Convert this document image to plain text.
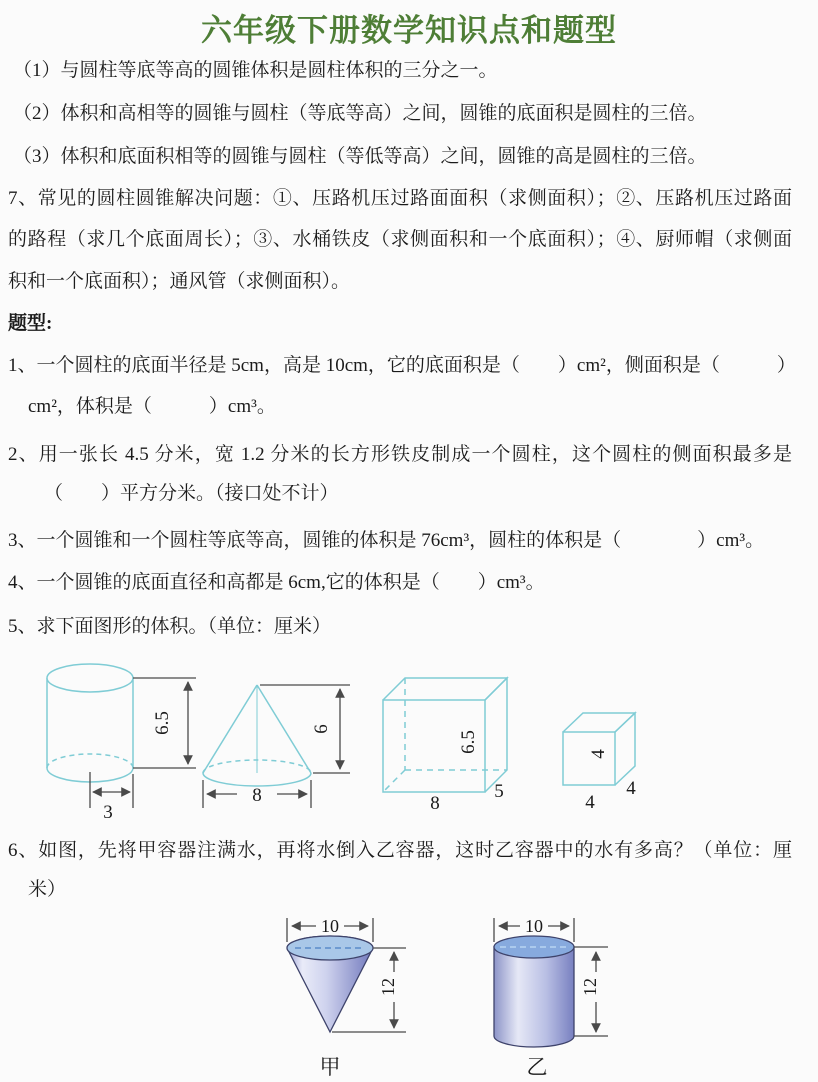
六年级下册数学知识点和题型
（1）与圆柱等底等高的圆锥体积是圆柱体积的三分之一。
（2）体积和高相等的圆锥与圆柱（等底等高）之间，圆锥的底面积是圆柱的三倍。
（3）体积和底面积相等的圆锥与圆柱（等低等高）之间，圆锥的高是圆柱的三倍。
7、常见的圆柱圆锥解决问题：①、压路机压过路面面积（求侧面积）；②、压路机压过路面
的路程（求几个底面周长）；③、水桶铁皮（求侧面积和一个底面积）；④、厨师帽（求侧面
积和一个底面积）；通风管（求侧面积）。
题型:
1、一个圆柱的底面半径是 5cm，高是 10cm，它的底面积是（　　）cm²，侧面积是（　　　）
cm²，体积是（　　　）cm³。
2、用一张长 4.5 分米，宽 1.2 分米的长方形铁皮制成一个圆柱，这个圆柱的侧面积最多是
（　　）平方分米。（接口处不计）
3、一个圆锥和一个圆柱等底等高，圆锥的体积是 76cm³，圆柱的体积是（　　　　）cm³。
4、一个圆锥的底面直径和高都是 6cm,它的体积是（　　）cm³。
5、求下面图形的体积。（单位：厘米）
6.5
3
8
6
8
5
6.5
4
4
4
6、如图，先将甲容器注满水，再将水倒入乙容器，这时乙容器中的水有多高？（单位：厘
米）
10
12
甲
10
12
乙
